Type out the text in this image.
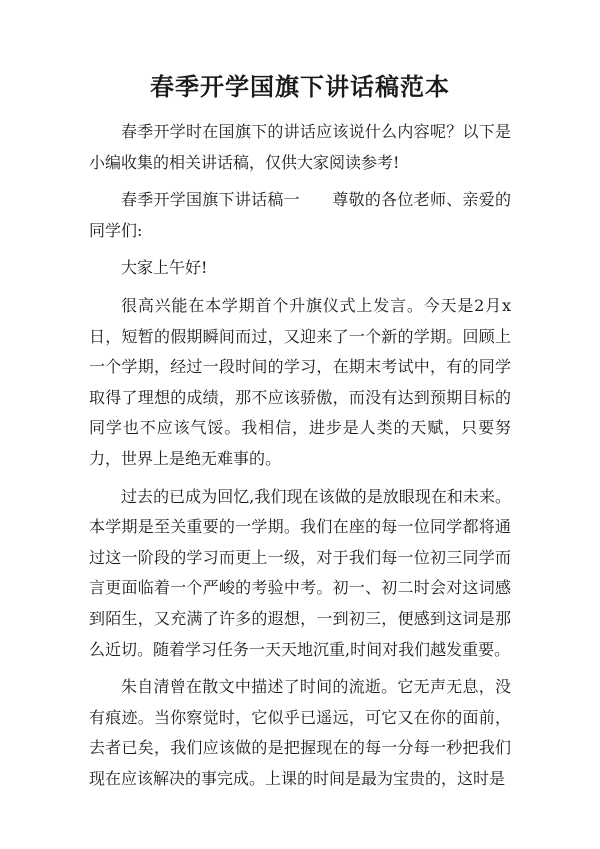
春季开学国旗下讲话稿范本

春季开学时在国旗下的讲话应该说什么内容呢？以下是小编收集的相关讲话稿，仅供大家阅读参考!

春季开学国旗下讲话稿一　　尊敬的各位老师、亲爱的同学们:

大家上午好!

很高兴能在本学期首个升旗仪式上发言。今天是2月x日，短暂的假期瞬间而过，又迎来了一个新的学期。回顾上一个学期，经过一段时间的学习，在期末考试中，有的同学取得了理想的成绩，那不应该骄傲，而没有达到预期目标的同学也不应该气馁。我相信，进步是人类的天赋，只要努力，世界上是绝无难事的。

过去的已成为回忆,我们现在该做的是放眼现在和未来。本学期是至关重要的一学期。我们在座的每一位同学都将通过这一阶段的学习而更上一级，对于我们每一位初三同学而言更面临着一个严峻的考验中考。初一、初二时会对这词感到陌生，又充满了许多的遐想，一到初三，便感到这词是那么近切。随着学习任务一天天地沉重,时间对我们越发重要。

朱自清曾在散文中描述了时间的流逝。它无声无息，没有痕迹。当你察觉时，它似乎已遥远，可它又在你的面前，去者已矣，我们应该做的是把握现在的每一分每一秒把我们现在应该解决的事完成。上课的时间是最为宝贵的，这时是
